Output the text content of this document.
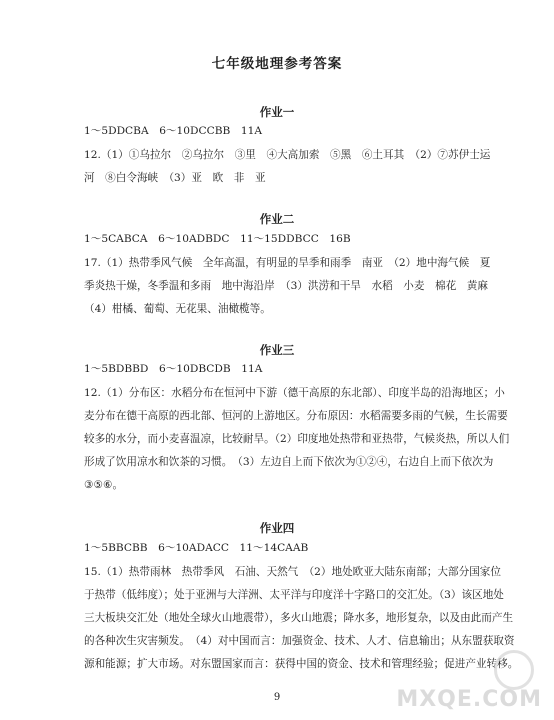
七年级地理参考答案
作业一
1～5DDCBA　6～10DCCBB　11A
12.（1）①乌拉尔　②乌拉尔　③里　④大高加索　⑤黑　⑥土耳其　（2）⑦苏伊士运
河　⑧白令海峡　（3）亚　欧　非　亚
作业二
1～5CABCA　6～10ADBDC　11～15DDBCC　16B
17.（1）热带季风气候　全年高温，有明显的旱季和雨季　南亚　（2）地中海气候　夏
季炎热干燥，冬季温和多雨　地中海沿岸　（3）洪涝和干旱　水稻　小麦　棉花　黄麻
（4）柑橘、葡萄、无花果、油橄榄等。
作业三
1～5BDBBD　6～10DBCDB　11A
12.（1）分布区：水稻分布在恒河中下游（德干高原的东北部）、印度半岛的沿海地区；小
麦分布在德干高原的西北部、恒河的上游地区。分布原因：水稻需要多雨的气候，生长需要
较多的水分，而小麦喜温凉，比较耐旱。（2）印度地处热带和亚热带，气候炎热，所以人们
形成了饮用凉水和饮茶的习惯。　（3）左边自上而下依次为①②④，右边自上而下依次为
③⑤⑥。
作业四
1～5BBCBB　6～10ADACC　11～14CAAB
15.（1）热带雨林　热带季风　石油、天然气　（2）地处欧亚大陆东南部；大部分国家位
于热带（低纬度）；处于亚洲与大洋洲、太平洋与印度洋十字路口的交汇处。（3）该区地处
三大板块交汇处（地处全球火山地震带），多火山地震；降水多，地形复杂，以及由此而产生
的各种次生灾害频发。　（4）对中国而言：加强资金、技术、人才、信息输出；从东盟获取资
源和能源；扩大市场。对东盟国家而言：获得中国的资金、技术和管理经验；促进产业转移。
9	MXQE.COM
